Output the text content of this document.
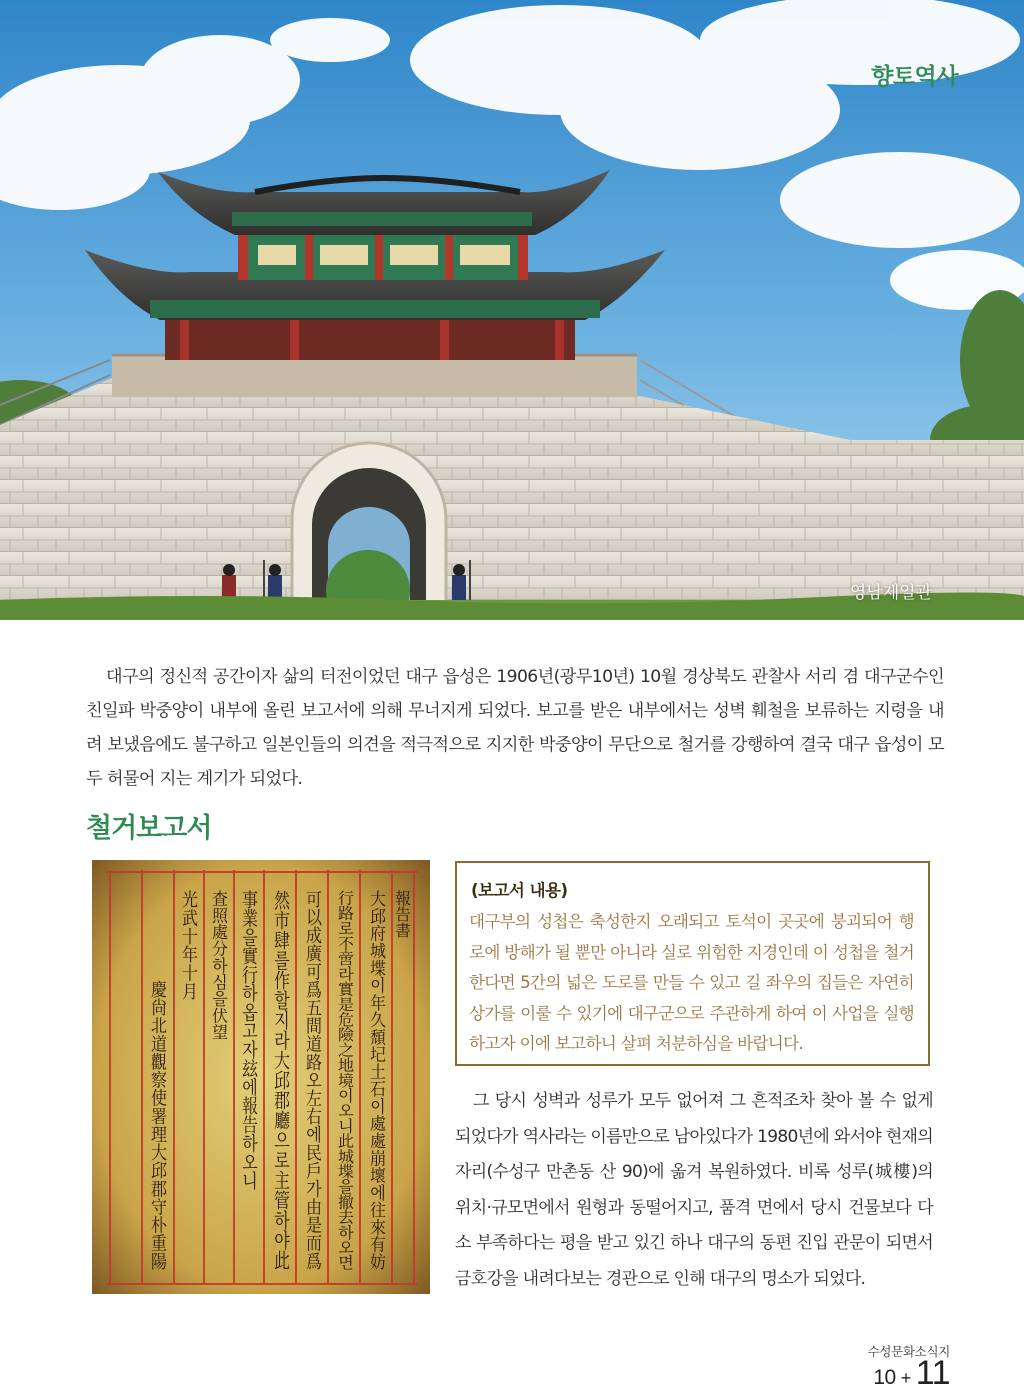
향토역사
영남제일관

대구의 정신적 공간이자 삶의 터전이었던 대구 읍성은 1906년(광무10년) 10월 경상북도 관찰사 서리 겸 대구군수인 친일파 박중양이 내부에 올린 보고서에 의해 무너지게 되었다. 보고를 받은 내부에서는 성벽 훼철을 보류하는 지령을 내려 보냈음에도 불구하고 일본인들의 의견을 적극적으로 지지한 박중양이 무단으로 철거를 강행하여 결국 대구 읍성이 모두 허물어 지는 계기가 되었다.

철거보고서
報告書
大邱府城堞이年久頹圮土石이處處崩壞에往來有妨
行路로不啻라實是危險之地境이오니此城堞을撤去하오면
可以成廣可爲五間道路오左右에民戶가由是而爲
然市肆를作할지라大邱郡廳으로主管하야此
事業을實行하옵고자玆에報告하오니
査照處分하심을伏望
光武十年十月
慶尙北道觀察使署理大邱郡守朴重陽

(보고서 내용)

대구부의 성첩은 축성한지 오래되고 토석이 곳곳에 붕괴되어 행로에 방해가 될 뿐만 아니라 실로 위험한 지경인데 이 성첩을 철거한다면 5간의 넓은 도로를 만들 수 있고 길 좌우의 집들은 자연히 상가를 이룰 수 있기에 대구군으로 주관하게 하여 이 사업을 실행하고자 이에 보고하니 살펴 처분하심을 바랍니다.

그 당시 성벽과 성루가 모두 없어져 그 흔적조차 찾아 볼 수 없게 되었다가 역사라는 이름만으로 남아있다가 1980년에 와서야 현재의 자리(수성구 만촌동 산 90)에 옮겨 복원하였다. 비록 성루(城樓)의 위치·규모면에서 원형과 동떨어지고, 품격 면에서 당시 건물보다 다소 부족하다는 평을 받고 있긴 하나 대구의 동편 진입 관문이 되면서 금호강을 내려다보는 경관으로 인해 대구의 명소가 되었다.

수성문화소식지
10 + 11
